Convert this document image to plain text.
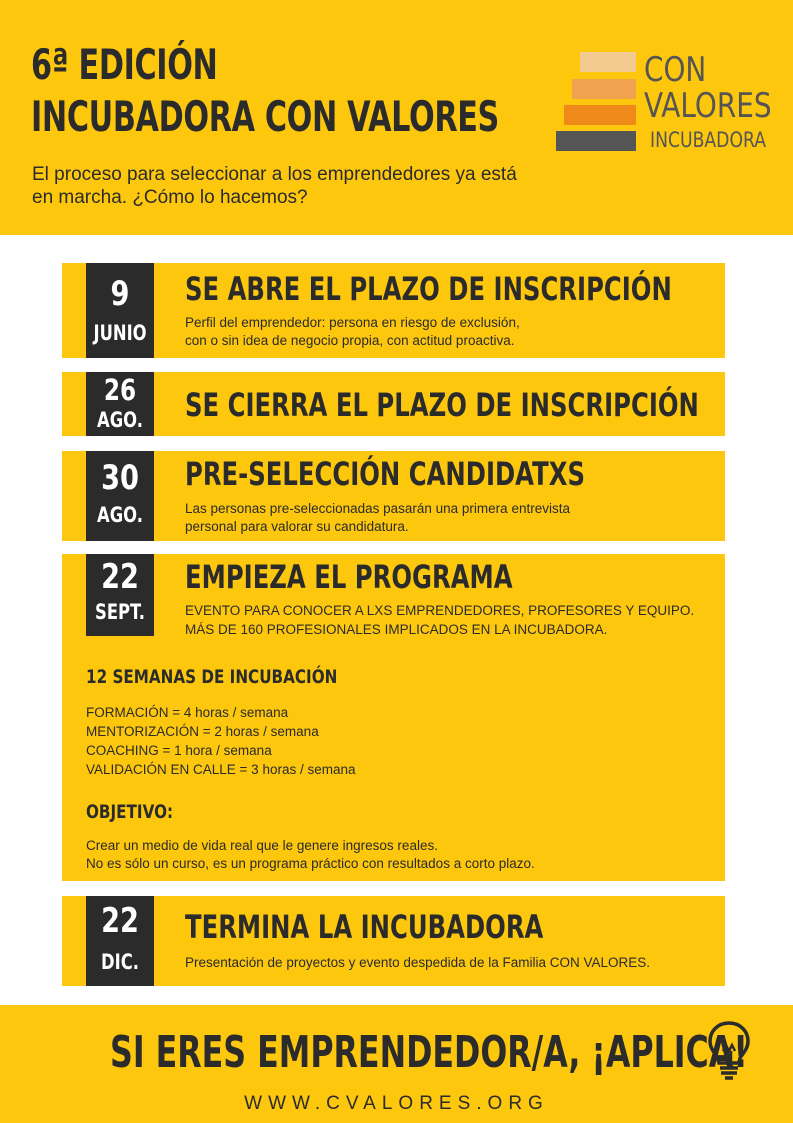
6ª EDICIÓN
INCUBADORA CON VALORES
El proceso para seleccionar a los emprendedores ya está en marcha. ¿Cómo lo hacemos?
CON
VALORES
INCUBADORA
9
JUNIO
SE ABRE EL PLAZO DE INSCRIPCIÓN
Perfil del emprendedor: persona en riesgo de exclusión,
con o sin idea de negocio propia, con actitud proactiva.
26
AGO. SE CIERRA EL PLAZO DE INSCRIPCIÓN
30
AGO.
PRE-SELECCIÓN CANDIDATXS
Las personas pre-seleccionadas pasarán una primera entrevista
personal para valorar su candidatura.
22
SEPT.
EMPIEZA EL PROGRAMA
EVENTO PARA CONOCER A LXS EMPRENDEDORES, PROFESORES Y EQUIPO.
MÁS DE 160 PROFESIONALES IMPLICADOS EN LA INCUBADORA.
12 SEMANAS DE INCUBACIÓN
FORMACIÓN = 4 horas / semana
MENTORIZACIÓN = 2 horas / semana
COACHING = 1 hora / semana
VALIDACIÓN EN CALLE = 3 horas / semana
OBJETIVO:
Crear un medio de vida real que le genere ingresos reales.
No es sólo un curso, es un programa práctico con resultados a corto plazo.
22
DIC.
TERMINA LA INCUBADORA
Presentación de proyectos y evento despedida de la Familia CON VALORES.
SI ERES EMPRENDEDOR/A, ¡APLICA!
WWW.CVALORES.ORG
